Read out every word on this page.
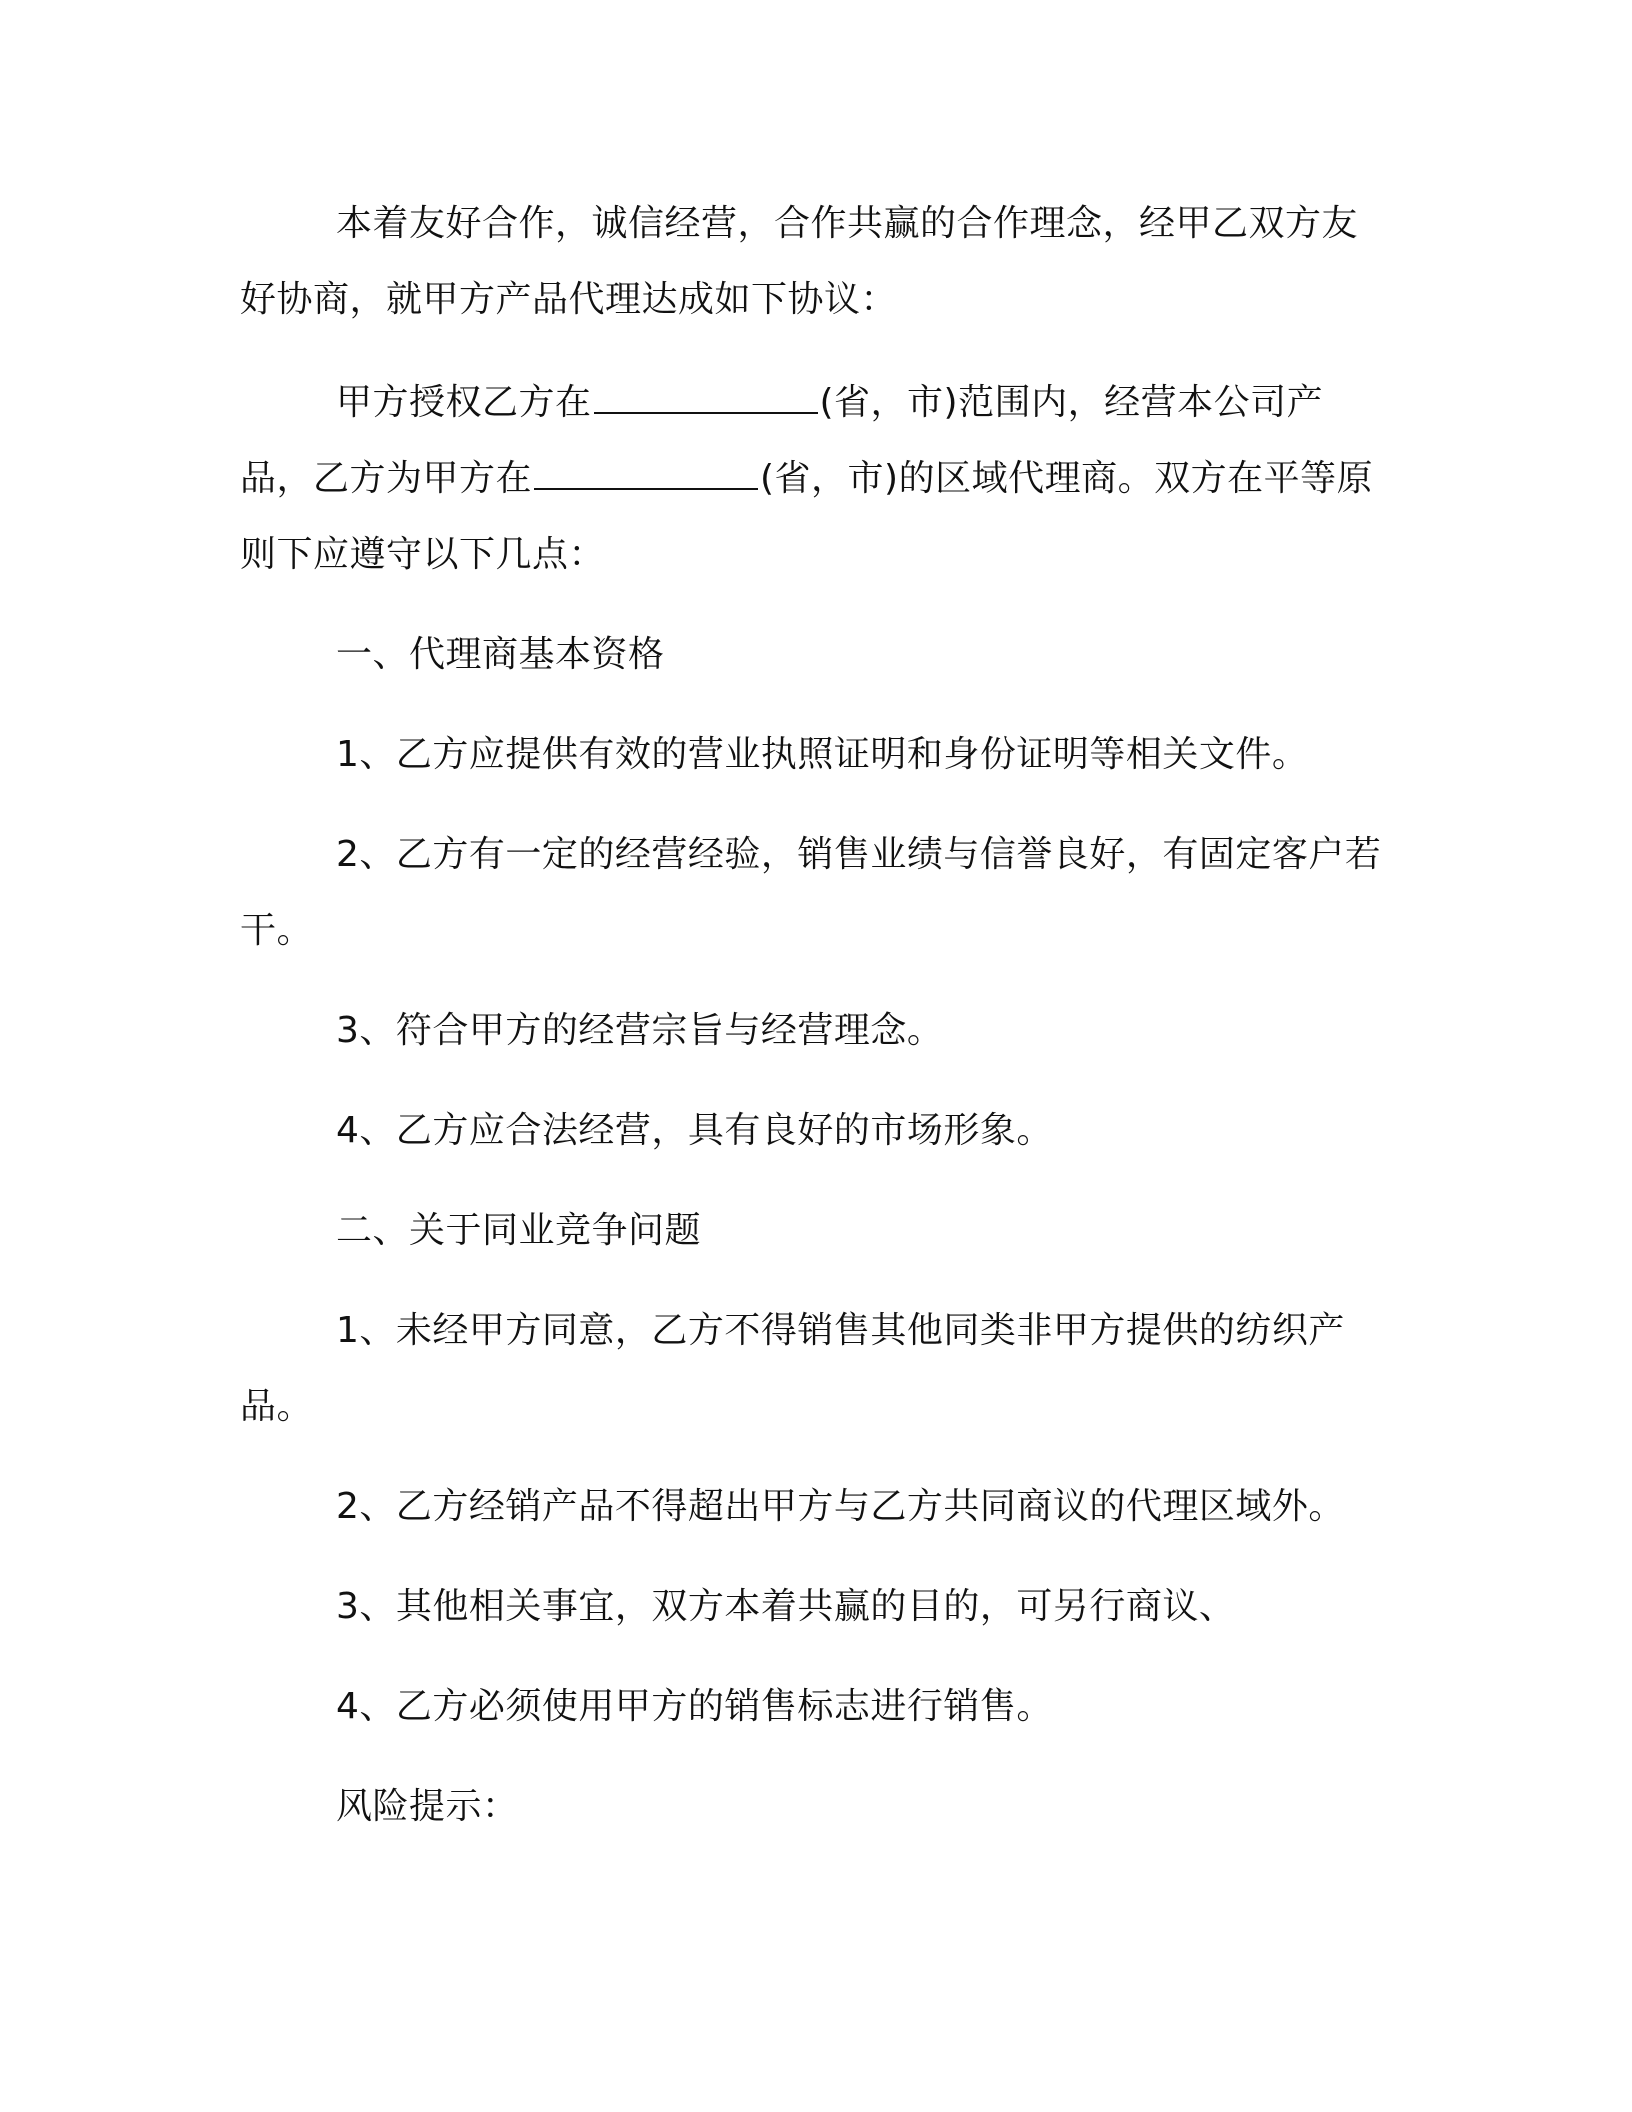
本着友好合作，诚信经营，合作共赢的合作理念，经甲乙双方友好协商，就甲方产品代理达成如下协议：

甲方授权乙方在	(省，市)范围内，经营本公司产品，乙方为甲方在	(省，市)的区域代理商。双方在平等原则下应遵守以下几点：

一、代理商基本资格

1、乙方应提供有效的营业执照证明和身份证明等相关文件。

2、乙方有一定的经营经验，销售业绩与信誉良好，有固定客户若干。

3、符合甲方的经营宗旨与经营理念。

4、乙方应合法经营，具有良好的市场形象。

二、关于同业竞争问题

1、未经甲方同意，乙方不得销售其他同类非甲方提供的纺织产品。

2、乙方经销产品不得超出甲方与乙方共同商议的代理区域外。

3、其他相关事宜，双方本着共赢的目的，可另行商议、

4、乙方必须使用甲方的销售标志进行销售。

风险提示：
